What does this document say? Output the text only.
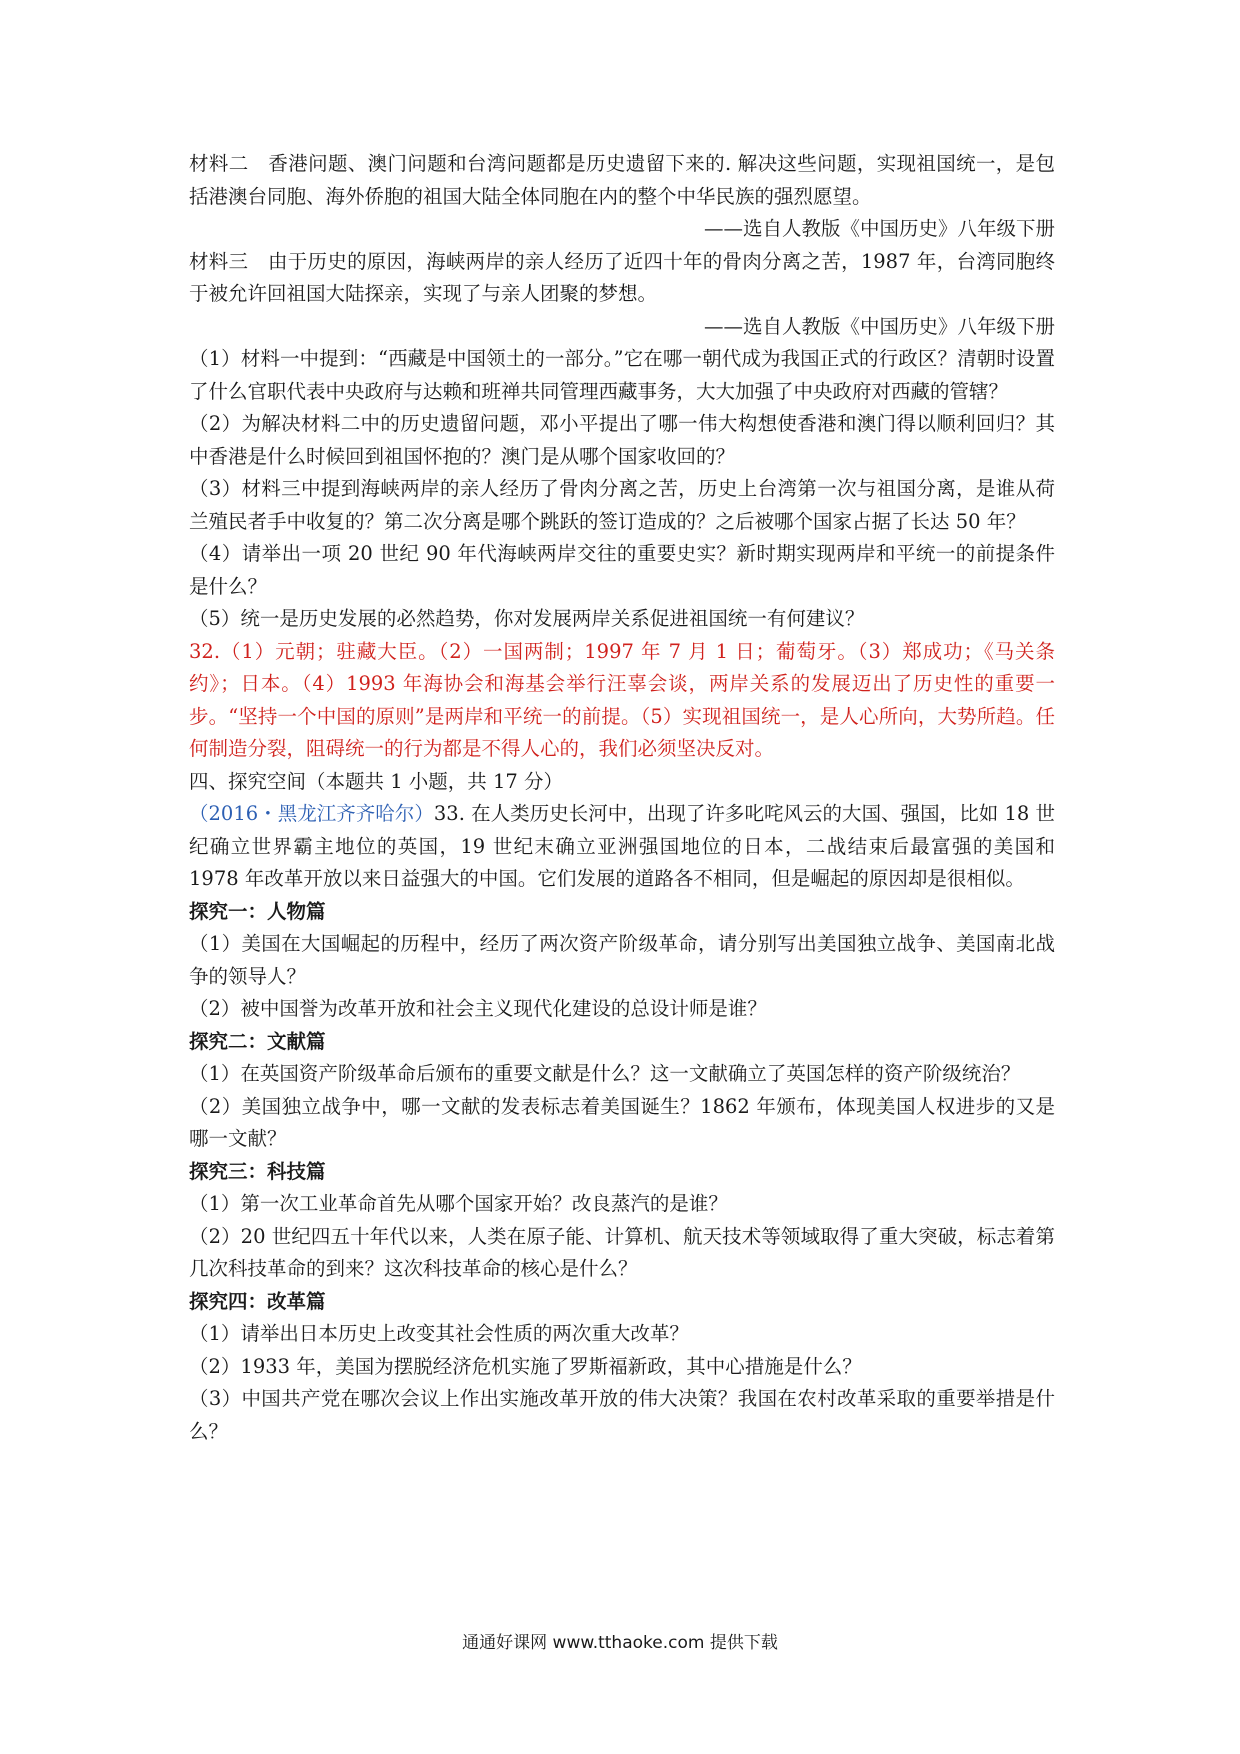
材料二　香港问题、澳门问题和台湾问题都是历史遗留下来的. 解决这些问题，实现祖国统一，是包括港澳台同胞、海外侨胞的祖国大陆全体同胞在内的整个中华民族的强烈愿望。

——选自人教版《中国历史》八年级下册

材料三　由于历史的原因，海峡两岸的亲人经历了近四十年的骨肉分离之苦，1987 年，台湾同胞终于被允许回祖国大陆探亲，实现了与亲人团聚的梦想。

——选自人教版《中国历史》八年级下册

（1）材料一中提到：“西藏是中国领土的一部分。”它在哪一朝代成为我国正式的行政区？清朝时设置了什么官职代表中央政府与达赖和班禅共同管理西藏事务，大大加强了中央政府对西藏的管辖？

（2）为解决材料二中的历史遗留问题，邓小平提出了哪一伟大构想使香港和澳门得以顺利回归？其中香港是什么时候回到祖国怀抱的？澳门是从哪个国家收回的？

（3）材料三中提到海峡两岸的亲人经历了骨肉分离之苦，历史上台湾第一次与祖国分离，是谁从荷兰殖民者手中收复的？第二次分离是哪个跳跃的签订造成的？之后被哪个国家占据了长达 50 年？

（4）请举出一项 20 世纪 90 年代海峡两岸交往的重要史实？新时期实现两岸和平统一的前提条件是什么？

（5）统一是历史发展的必然趋势，你对发展两岸关系促进祖国统一有何建议？

32.（1）元朝；驻藏大臣。（2）一国两制；1997 年 7 月 1 日；葡萄牙。（3）郑成功；《马关条约》；日本。（4）1993 年海协会和海基会举行汪辜会谈，两岸关系的发展迈出了历史性的重要一步。“坚持一个中国的原则”是两岸和平统一的前提。（5）实现祖国统一，是人心所向，大势所趋。任何制造分裂，阻碍统一的行为都是不得人心的，我们必须坚决反对。

四、探究空间（本题共 1 小题，共 17 分）

（2016・黑龙江齐齐哈尔）33. 在人类历史长河中，出现了许多叱咤风云的大国、强国，比如 18 世纪确立世界霸主地位的英国，19 世纪末确立亚洲强国地位的日本，二战结束后最富强的美国和 1978 年改革开放以来日益强大的中国。它们发展的道路各不相同，但是崛起的原因却是很相似。

探究一：人物篇

（1）美国在大国崛起的历程中，经历了两次资产阶级革命，请分别写出美国独立战争、美国南北战争的领导人？

（2）被中国誉为改革开放和社会主义现代化建设的总设计师是谁？

探究二：文献篇

（1）在英国资产阶级革命后颁布的重要文献是什么？这一文献确立了英国怎样的资产阶级统治？

（2）美国独立战争中，哪一文献的发表标志着美国诞生？1862 年颁布，体现美国人权进步的又是哪一文献？

探究三：科技篇

（1）第一次工业革命首先从哪个国家开始？改良蒸汽的是谁？

（2）20 世纪四五十年代以来，人类在原子能、计算机、航天技术等领域取得了重大突破，标志着第几次科技革命的到来？这次科技革命的核心是什么？

探究四：改革篇

（1）请举出日本历史上改变其社会性质的两次重大改革？

（2）1933 年，美国为摆脱经济危机实施了罗斯福新政，其中心措施是什么？

（3）中国共产党在哪次会议上作出实施改革开放的伟大决策？我国在农村改革采取的重要举措是什么？

通通好课网 www.tthaoke.com 提供下载
